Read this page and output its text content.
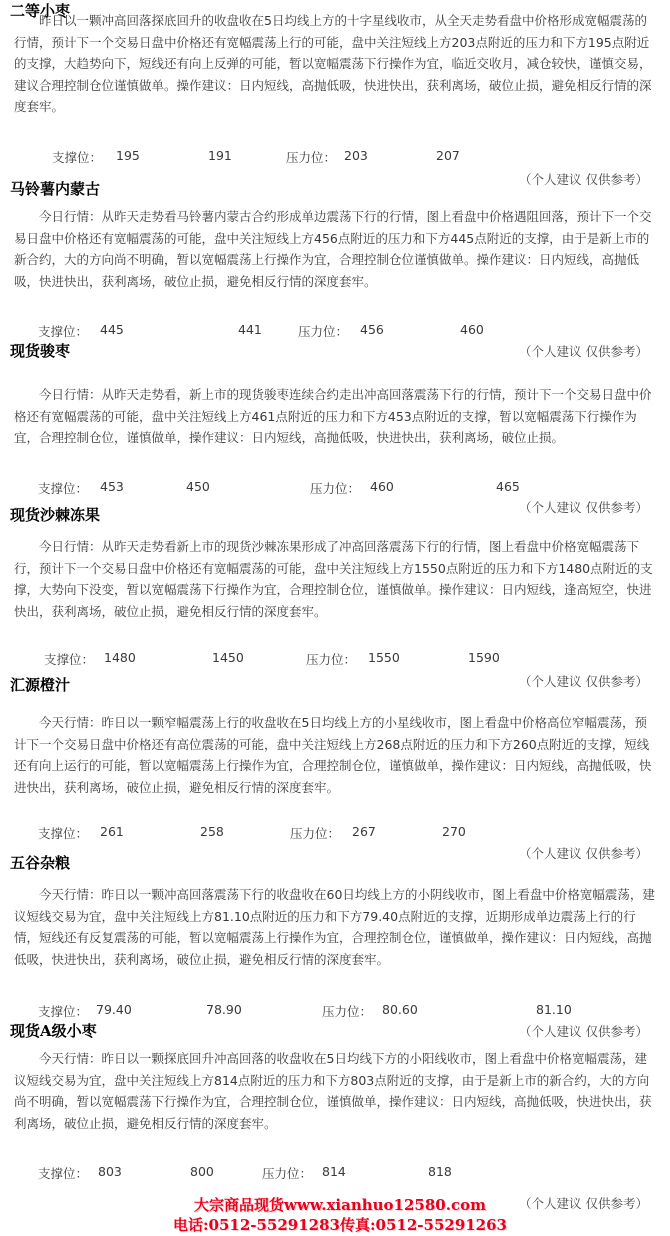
二等小枣
昨日以一颗冲高回落探底回升的收盘收在5日均线上方的十字星线收市，从全天走势看盘中价格形成宽幅震荡的行情，预计下一个交易日盘中价格还有宽幅震荡上行的可能，盘中关注短线上方203点附近的压力和下方195点附近的支撑，大趋势向下，短线还有向上反弹的可能，暂以宽幅震荡下行操作为宜，临近交收月，减仓较快，谨慎交易，建议合理控制仓位谨慎做单。操作建议：日内短线，高抛低吸，快进快出，获利离场，破位止损，避免相反行情的深度套牢。
支撑位： 195	191	压力位： 203	207
（个人建议 仅供参考）
马铃薯内蒙古
今日行情：从昨天走势看马铃薯内蒙古合约形成单边震荡下行的行情，图上看盘中价格遇阻回落，预计下一个交易日盘中价格还有宽幅震荡的可能，盘中关注短线上方456点附近的压力和下方445点附近的支撑，由于是新上市的新合约，大的方向尚不明确，暂以宽幅震荡上行操作为宜，合理控制仓位谨慎做单。操作建议：日内短线，高抛低吸，快进快出，获利离场，破位止损，避免相反行情的深度套牢。
支撑位： 445	441	压力位： 456	460
（个人建议 仅供参考）
现货骏枣
今日行情：从昨天走势看，新上市的现货骏枣连续合约走出冲高回落震荡下行的行情，预计下一个交易日盘中价格还有宽幅震荡的可能，盘中关注短线上方461点附近的压力和下方453点附近的支撑，暂以宽幅震荡下行操作为宜，合理控制仓位，谨慎做单，操作建议：日内短线，高抛低吸，快进快出，获利离场，破位止损。
支撑位： 453	450	压力位： 460	465
（个人建议 仅供参考）
现货沙棘冻果
今日行情：从昨天走势看新上市的现货沙棘冻果形成了冲高回落震荡下行的行情，图上看盘中价格宽幅震荡下行，预计下一个交易日盘中价格还有宽幅震荡的可能，盘中关注短线上方1550点附近的压力和下方1480点附近的支撑，大势向下没变，暂以宽幅震荡下行操作为宜，合理控制仓位，谨慎做单。操作建议：日内短线，逢高短空，快进快出，获利离场，破位止损，避免相反行情的深度套牢。
支撑位： 1480	1450	压力位： 1550	1590
（个人建议 仅供参考）
汇源橙汁
今天行情：昨日以一颗窄幅震荡上行的收盘收在5日均线上方的小星线收市，图上看盘中价格高位窄幅震荡，预计下一个交易日盘中价格还有高位震荡的可能，盘中关注短线上方268点附近的压力和下方260点附近的支撑，短线还有向上运行的可能，暂以宽幅震荡上行操作为宜，合理控制仓位，谨慎做单，操作建议：日内短线，高抛低吸，快进快出，获利离场，破位止损，避免相反行情的深度套牢。
支撑位： 261	258	压力位： 267	270
（个人建议 仅供参考）
五谷杂粮
今天行情：昨日以一颗冲高回落震荡下行的收盘收在60日均线上方的小阴线收市，图上看盘中价格宽幅震荡，建议短线交易为宜，盘中关注短线上方81.10点附近的压力和下方79.40点附近的支撑，近期形成单边震荡上行的行情，短线还有反复震荡的可能，暂以宽幅震荡上行操作为宜，合理控制仓位，谨慎做单，操作建议：日内短线，高抛低吸，快进快出，获利离场，破位止损，避免相反行情的深度套牢。
支撑位： 79.40	78.90	压力位： 80.60	81.10
现货A级小枣	（个人建议 仅供参考）
今天行情：昨日以一颗探底回升冲高回落的收盘收在5日均线下方的小阳线收市，图上看盘中价格宽幅震荡，建议短线交易为宜，盘中关注短线上方814点附近的压力和下方803点附近的支撑，由于是新上市的新合约，大的方向尚不明确，暂以宽幅震荡下行操作为宜，合理控制仓位，谨慎做单，操作建议：日内短线，高抛低吸，快进快出，获利离场，破位止损，避免相反行情的深度套牢。
支撑位： 803	800	压力位： 814	818
（个人建议 仅供参考）
大宗商品现货www.xianhuo12580.com
电话:0512-55291283传真:0512-55291263
